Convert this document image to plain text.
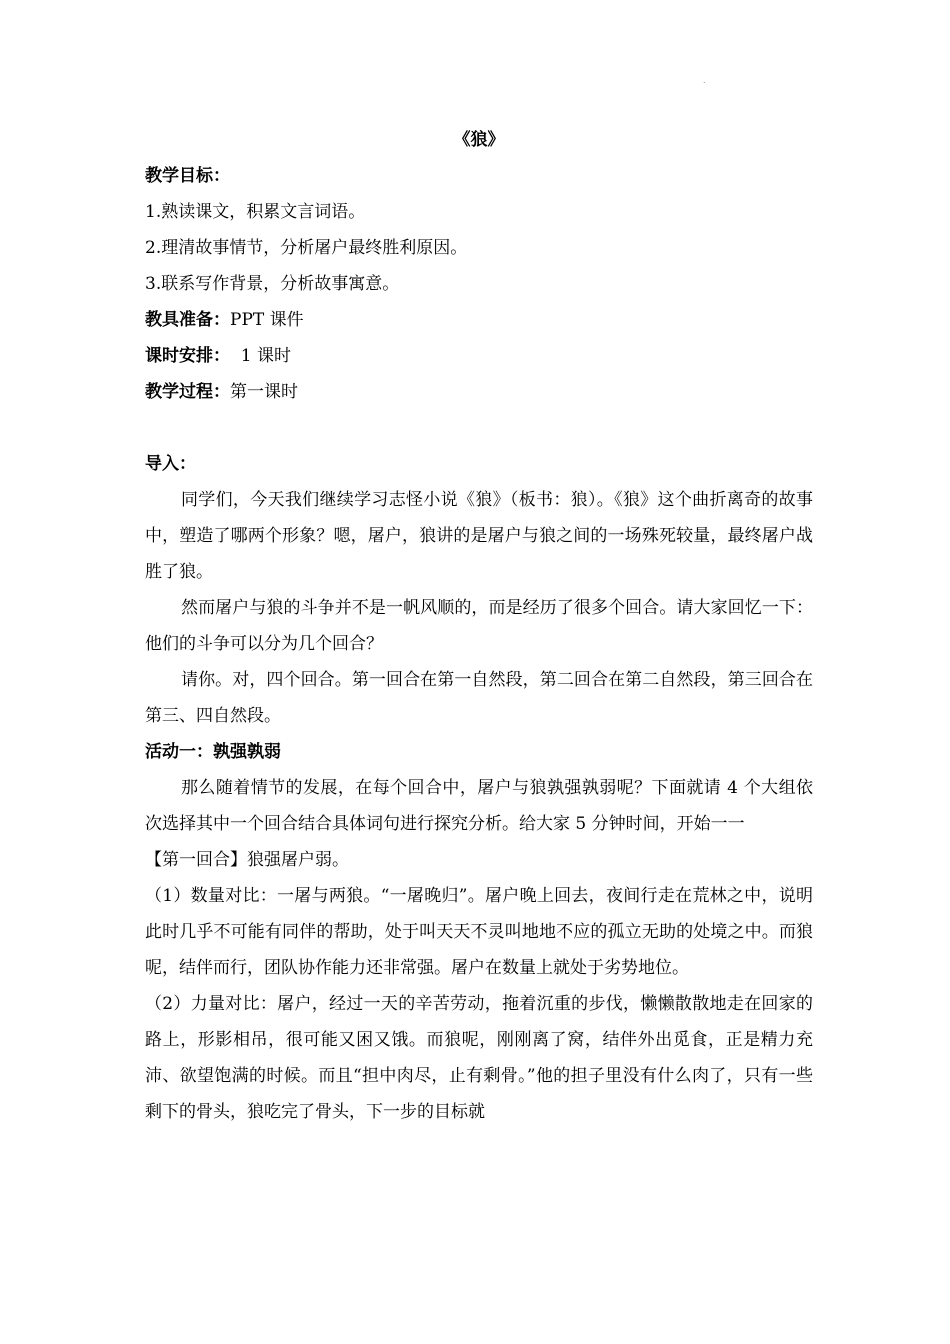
.

《狼》

教学目标：

1.熟读课文，积累文言词语。

2.理清故事情节，分析屠户最终胜利原因。

3.联系写作背景，分析故事寓意。

教具准备：PPT 课件

课时安排：  1 课时

教学过程：第一课时

导入：

同学们，今天我们继续学习志怪小说《狼》（板书：狼）。《狼》这个曲折离奇的故事中，塑造了哪两个形象？嗯，屠户，狼讲的是屠户与狼之间的一场殊死较量，最终屠户战胜了狼。

然而屠户与狼的斗争并不是一帆风顺的，而是经历了很多个回合。请大家回忆一下：他们的斗争可以分为几个回合？

请你。对，四个回合。第一回合在第一自然段，第二回合在第二自然段，第三回合在第三、四自然段。

活动一：孰强孰弱

那么随着情节的发展，在每个回合中，屠户与狼孰强孰弱呢？下面就请 4 个大组依次选择其中一个回合结合具体词句进行探究分析。给大家 5 分钟时间，开始一一

【第一回合】狼强屠户弱。

（1）数量对比：一屠与两狼。“一屠晚归”。屠户晚上回去，夜间行走在荒林之中，说明此时几乎不可能有同伴的帮助，处于叫天天不灵叫地地不应的孤立无助的处境之中。而狼呢，结伴而行，团队协作能力还非常强。屠户在数量上就处于劣势地位。

（2）力量对比：屠户，经过一天的辛苦劳动，拖着沉重的步伐，懒懒散散地走在回家的路上，形影相吊，很可能又困又饿。而狼呢，刚刚离了窝，结伴外出觅食，正是精力充沛、欲望饱满的时候。而且“担中肉尽，止有剩骨。”他的担子里没有什么肉了，只有一些剩下的骨头，狼吃完了骨头，下一步的目标就
